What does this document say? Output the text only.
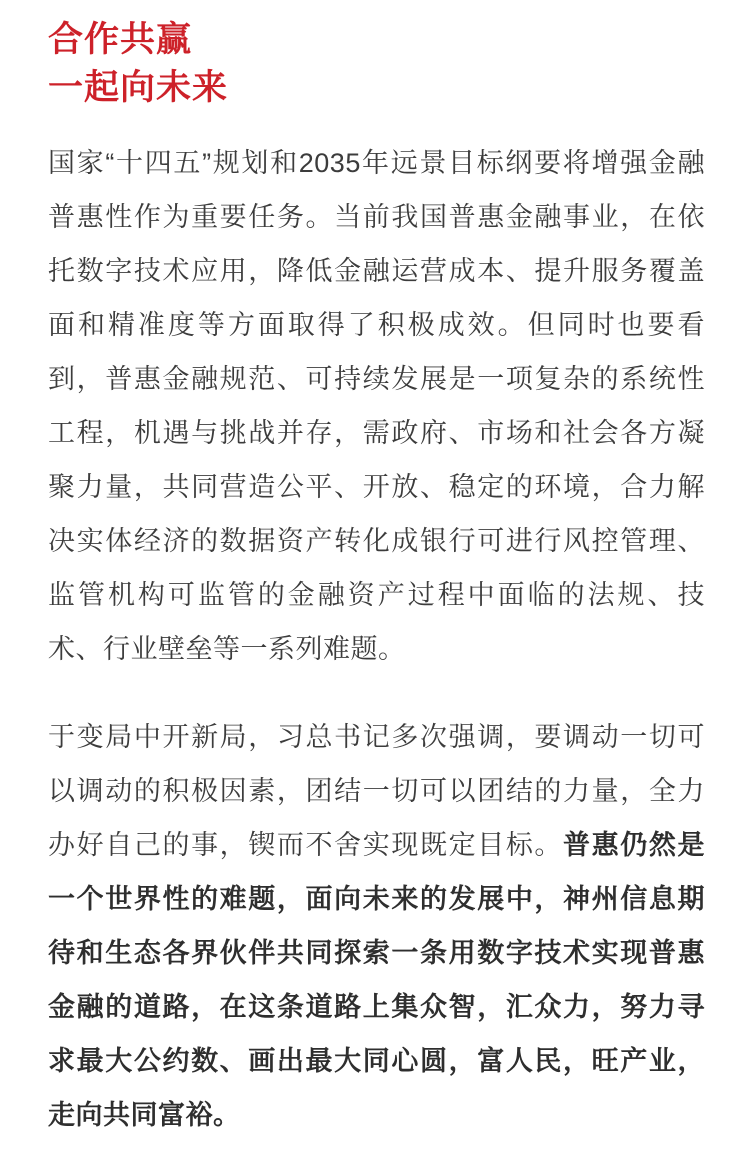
合作共赢
一起向未来

国家“十四五”规划和2035年远景目标纲要将增强金融普惠性作为重要任务。当前我国普惠金融事业，在依托数字技术应用，降低金融运营成本、提升服务覆盖面和精准度等方面取得了积极成效。但同时也要看到，普惠金融规范、可持续发展是一项复杂的系统性工程，机遇与挑战并存，需政府、市场和社会各方凝聚力量，共同营造公平、开放、稳定的环境，合力解决实体经济的数据资产转化成银行可进行风控管理、监管机构可监管的金融资产过程中面临的法规、技术、行业壁垒等一系列难题。

于变局中开新局，习总书记多次强调，要调动一切可以调动的积极因素，团结一切可以团结的力量，全力办好自己的事，锲而不舍实现既定目标。普惠仍然是一个世界性的难题，面向未来的发展中，神州信息期待和生态各界伙伴共同探索一条用数字技术实现普惠金融的道路，在这条道路上集众智，汇众力，努力寻求最大公约数、画出最大同心圆，富人民，旺产业，走向共同富裕。
